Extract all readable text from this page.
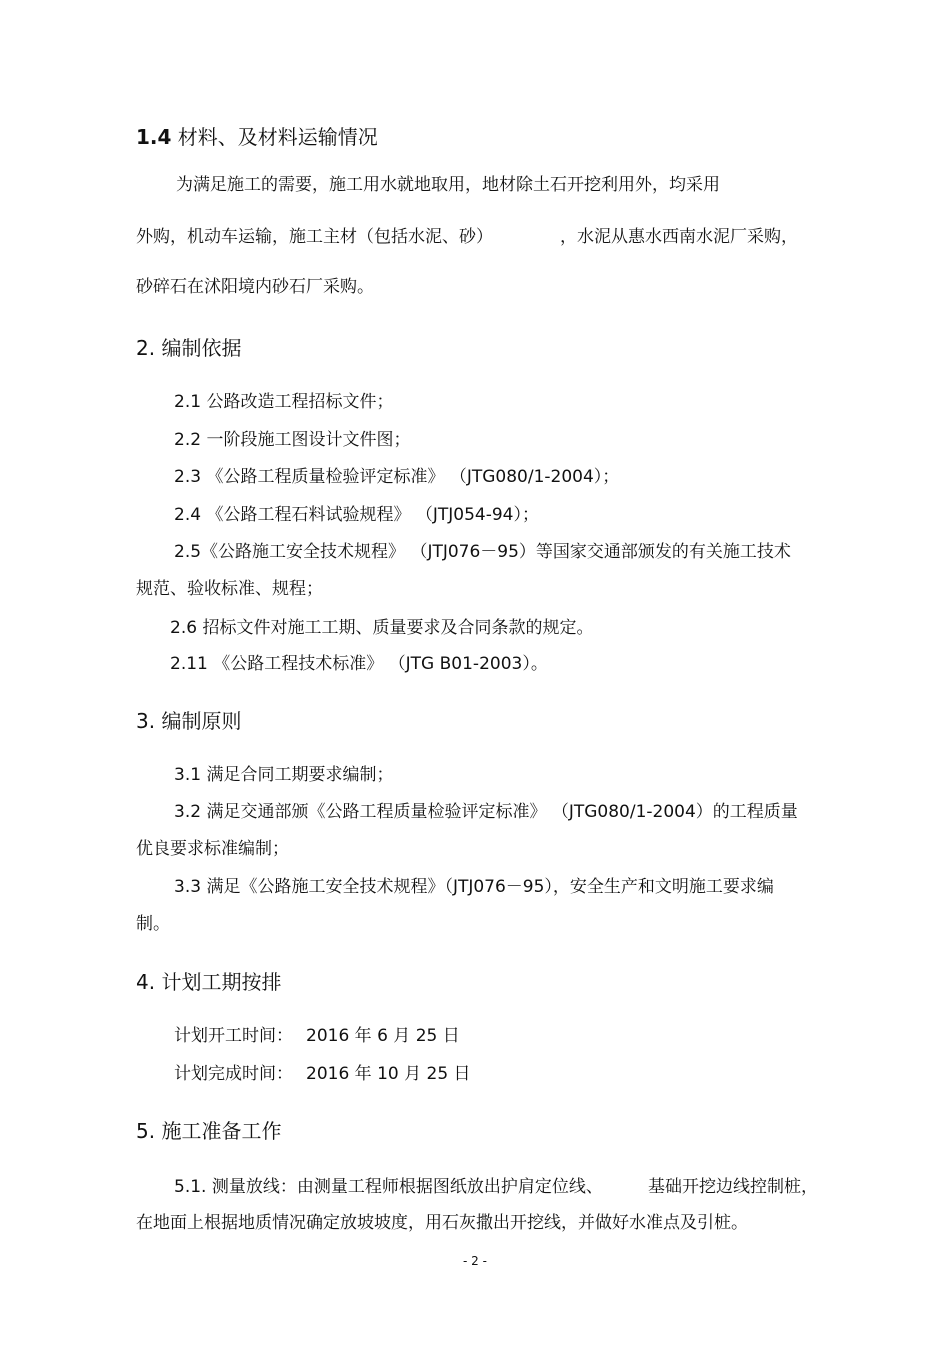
1.4 材料、及材料运输情况
为满足施工的需要，施工用水就地取用，地材除土石开挖利用外，均采用
外购，机动车运输，施工主材（包括水泥、砂）	，水泥从惠水西南水泥厂采购，
砂碎石在沭阳境内砂石厂采购。
2. 编制依据
2.1 公路改造工程招标文件；
2.2 一阶段施工图设计文件图；
2.3 《公路工程质量检验评定标准》 （JTG080/1-2004）；
2.4 《公路工程石料试验规程》 （JTJ054-94）；
2.5《公路施工安全技术规程》 （JTJ076－95）等国家交通部颁发的有关施工技术
规范、验收标准、规程；
2.6 招标文件对施工工期、质量要求及合同条款的规定。
2.11 《公路工程技术标准》 （JTG B01-2003）。
3. 编制原则
3.1 满足合同工期要求编制；
3.2 满足交通部颁《公路工程质量检验评定标准》 （JTG080/1-2004）的工程质量
优良要求标准编制；
3.3 满足《公路施工安全技术规程》（JTJ076－95），安全生产和文明施工要求编
制。
4. 计划工期按排
计划开工时间： 2016 年 6 月 25 日
计划完成时间： 2016 年 10 月 25 日
5. 施工准备工作
5.1. 测量放线：由测量工程师根据图纸放出护肩定位线、	基础开挖边线控制桩，
在地面上根据地质情况确定放坡坡度，用石灰撒出开挖线，并做好水准点及引桩。
- 2 -
